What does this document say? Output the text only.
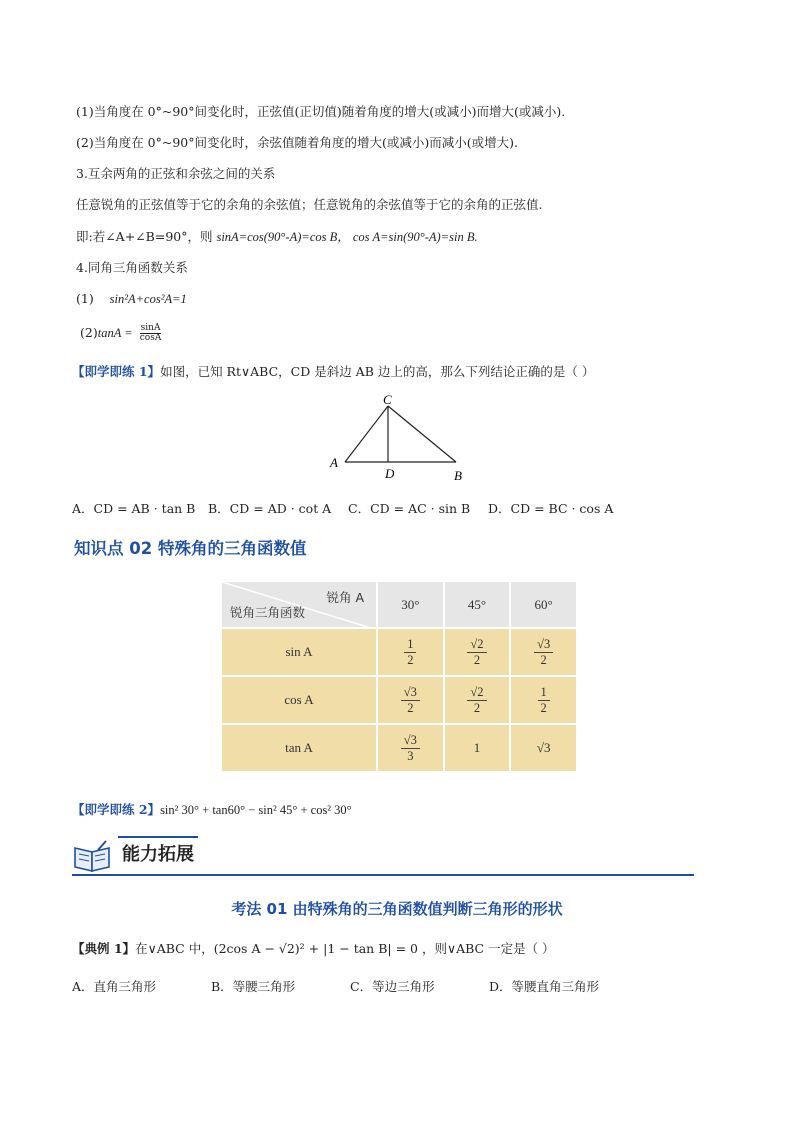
(1)当角度在 0°~90°间变化时，正弦值(正切值)随着角度的增大(或减小)而增大(或减小).
(2)当角度在 0°~90°间变化时，余弦值随着角度的增大(或减小)而减小(或增大).
3.互余两角的正弦和余弦之间的关系
任意锐角的正弦值等于它的余角的余弦值；任意锐角的余弦值等于它的余角的正弦值.
即:若∠A+∠B=90°，则 sinA=cos(90°-A)=cos B， cos A=sin(90°-A)=sin B.
4.同角三角函数关系
(1) sin²A+cos²A=1
$(2)\tan A = \frac{\sin A}{\cos A}$
【即学即练 1】如图，已知 Rt∨ABC，CD 是斜边 AB 边上的高，那么下列结论正确的是（ ）
C
A
D	B
A．CD = AB · tan B B．CD = AD · cot A C．CD = AC · sin B D．CD = BC · cos A
知识点 02 特殊角的三角函数值
锐角 A
锐角三角函数	30°	45°	60°
sin A	$\frac{1}{2}$	$\frac{√2}{2}$	$\frac{√3}{2}$

cos A	$\frac{√3}{2}$	$\frac{√2}{2}$	$\frac{1}{2}$

tan A	$\frac{√3}{3}$	1	√3
【即学即练 2】sin² 30° + tan60° − sin² 45° + cos² 30°
能力拓展
考法 01 由特殊角的三角函数值判断三角形的形状
【典例 1】在∨ABC 中，(2cos A − √2)² + |1 − tan B| = 0 ，则∨ABC 一定是（ ）
A．直角三角形	B．等腰三角形	C．等边三角形	D．等腰直角三角形
